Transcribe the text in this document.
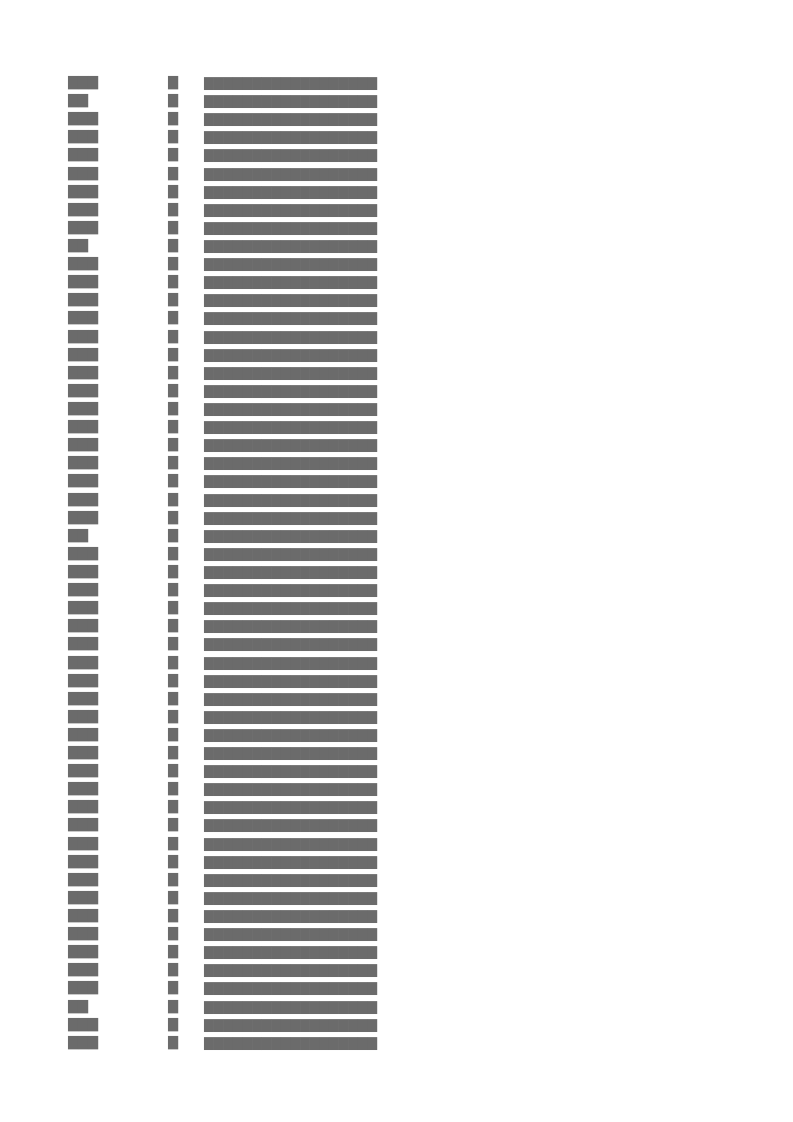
▇▇▇	▇	▇▇▇▇▇▇▇▇▇▇▇▇▇▇▇▇▇▇
▇▇	▇	▇▇▇▇▇▇▇▇▇▇▇▇▇▇▇▇▇▇
▇▇▇	▇	▇▇▇▇▇▇▇▇▇▇▇▇▇▇▇▇▇▇
▇▇▇	▇	▇▇▇▇▇▇▇▇▇▇▇▇▇▇▇▇▇▇
▇▇▇	▇	▇▇▇▇▇▇▇▇▇▇▇▇▇▇▇▇▇▇
▇▇▇	▇	▇▇▇▇▇▇▇▇▇▇▇▇▇▇▇▇▇▇
▇▇▇	▇	▇▇▇▇▇▇▇▇▇▇▇▇▇▇▇▇▇▇
▇▇▇	▇	▇▇▇▇▇▇▇▇▇▇▇▇▇▇▇▇▇▇
▇▇▇	▇	▇▇▇▇▇▇▇▇▇▇▇▇▇▇▇▇▇▇
▇▇	▇	▇▇▇▇▇▇▇▇▇▇▇▇▇▇▇▇▇▇
▇▇▇	▇	▇▇▇▇▇▇▇▇▇▇▇▇▇▇▇▇▇▇
▇▇▇	▇	▇▇▇▇▇▇▇▇▇▇▇▇▇▇▇▇▇▇
▇▇▇	▇	▇▇▇▇▇▇▇▇▇▇▇▇▇▇▇▇▇▇
▇▇▇	▇	▇▇▇▇▇▇▇▇▇▇▇▇▇▇▇▇▇▇
▇▇▇	▇	▇▇▇▇▇▇▇▇▇▇▇▇▇▇▇▇▇▇
▇▇▇	▇	▇▇▇▇▇▇▇▇▇▇▇▇▇▇▇▇▇▇
▇▇▇	▇	▇▇▇▇▇▇▇▇▇▇▇▇▇▇▇▇▇▇
▇▇▇	▇	▇▇▇▇▇▇▇▇▇▇▇▇▇▇▇▇▇▇
▇▇▇	▇	▇▇▇▇▇▇▇▇▇▇▇▇▇▇▇▇▇▇
▇▇▇	▇	▇▇▇▇▇▇▇▇▇▇▇▇▇▇▇▇▇▇
▇▇▇	▇	▇▇▇▇▇▇▇▇▇▇▇▇▇▇▇▇▇▇
▇▇▇	▇	▇▇▇▇▇▇▇▇▇▇▇▇▇▇▇▇▇▇
▇▇▇	▇	▇▇▇▇▇▇▇▇▇▇▇▇▇▇▇▇▇▇
▇▇▇	▇	▇▇▇▇▇▇▇▇▇▇▇▇▇▇▇▇▇▇
▇▇▇	▇	▇▇▇▇▇▇▇▇▇▇▇▇▇▇▇▇▇▇
▇▇	▇	▇▇▇▇▇▇▇▇▇▇▇▇▇▇▇▇▇▇
▇▇▇	▇	▇▇▇▇▇▇▇▇▇▇▇▇▇▇▇▇▇▇
▇▇▇	▇	▇▇▇▇▇▇▇▇▇▇▇▇▇▇▇▇▇▇
▇▇▇	▇	▇▇▇▇▇▇▇▇▇▇▇▇▇▇▇▇▇▇
▇▇▇	▇	▇▇▇▇▇▇▇▇▇▇▇▇▇▇▇▇▇▇
▇▇▇	▇	▇▇▇▇▇▇▇▇▇▇▇▇▇▇▇▇▇▇
▇▇▇	▇	▇▇▇▇▇▇▇▇▇▇▇▇▇▇▇▇▇▇
▇▇▇	▇	▇▇▇▇▇▇▇▇▇▇▇▇▇▇▇▇▇▇
▇▇▇	▇	▇▇▇▇▇▇▇▇▇▇▇▇▇▇▇▇▇▇
▇▇▇	▇	▇▇▇▇▇▇▇▇▇▇▇▇▇▇▇▇▇▇
▇▇▇	▇	▇▇▇▇▇▇▇▇▇▇▇▇▇▇▇▇▇▇
▇▇▇	▇	▇▇▇▇▇▇▇▇▇▇▇▇▇▇▇▇▇▇
▇▇▇	▇	▇▇▇▇▇▇▇▇▇▇▇▇▇▇▇▇▇▇
▇▇▇	▇	▇▇▇▇▇▇▇▇▇▇▇▇▇▇▇▇▇▇
▇▇▇	▇	▇▇▇▇▇▇▇▇▇▇▇▇▇▇▇▇▇▇
▇▇▇	▇	▇▇▇▇▇▇▇▇▇▇▇▇▇▇▇▇▇▇
▇▇▇	▇	▇▇▇▇▇▇▇▇▇▇▇▇▇▇▇▇▇▇
▇▇▇	▇	▇▇▇▇▇▇▇▇▇▇▇▇▇▇▇▇▇▇
▇▇▇	▇	▇▇▇▇▇▇▇▇▇▇▇▇▇▇▇▇▇▇
▇▇▇	▇	▇▇▇▇▇▇▇▇▇▇▇▇▇▇▇▇▇▇
▇▇▇	▇	▇▇▇▇▇▇▇▇▇▇▇▇▇▇▇▇▇▇
▇▇▇	▇	▇▇▇▇▇▇▇▇▇▇▇▇▇▇▇▇▇▇
▇▇▇	▇	▇▇▇▇▇▇▇▇▇▇▇▇▇▇▇▇▇▇
▇▇▇	▇	▇▇▇▇▇▇▇▇▇▇▇▇▇▇▇▇▇▇
▇▇▇	▇	▇▇▇▇▇▇▇▇▇▇▇▇▇▇▇▇▇▇
▇▇▇	▇	▇▇▇▇▇▇▇▇▇▇▇▇▇▇▇▇▇▇
▇▇	▇	▇▇▇▇▇▇▇▇▇▇▇▇▇▇▇▇▇▇
▇▇▇	▇	▇▇▇▇▇▇▇▇▇▇▇▇▇▇▇▇▇▇
▇▇▇	▇	▇▇▇▇▇▇▇▇▇▇▇▇▇▇▇▇▇▇
